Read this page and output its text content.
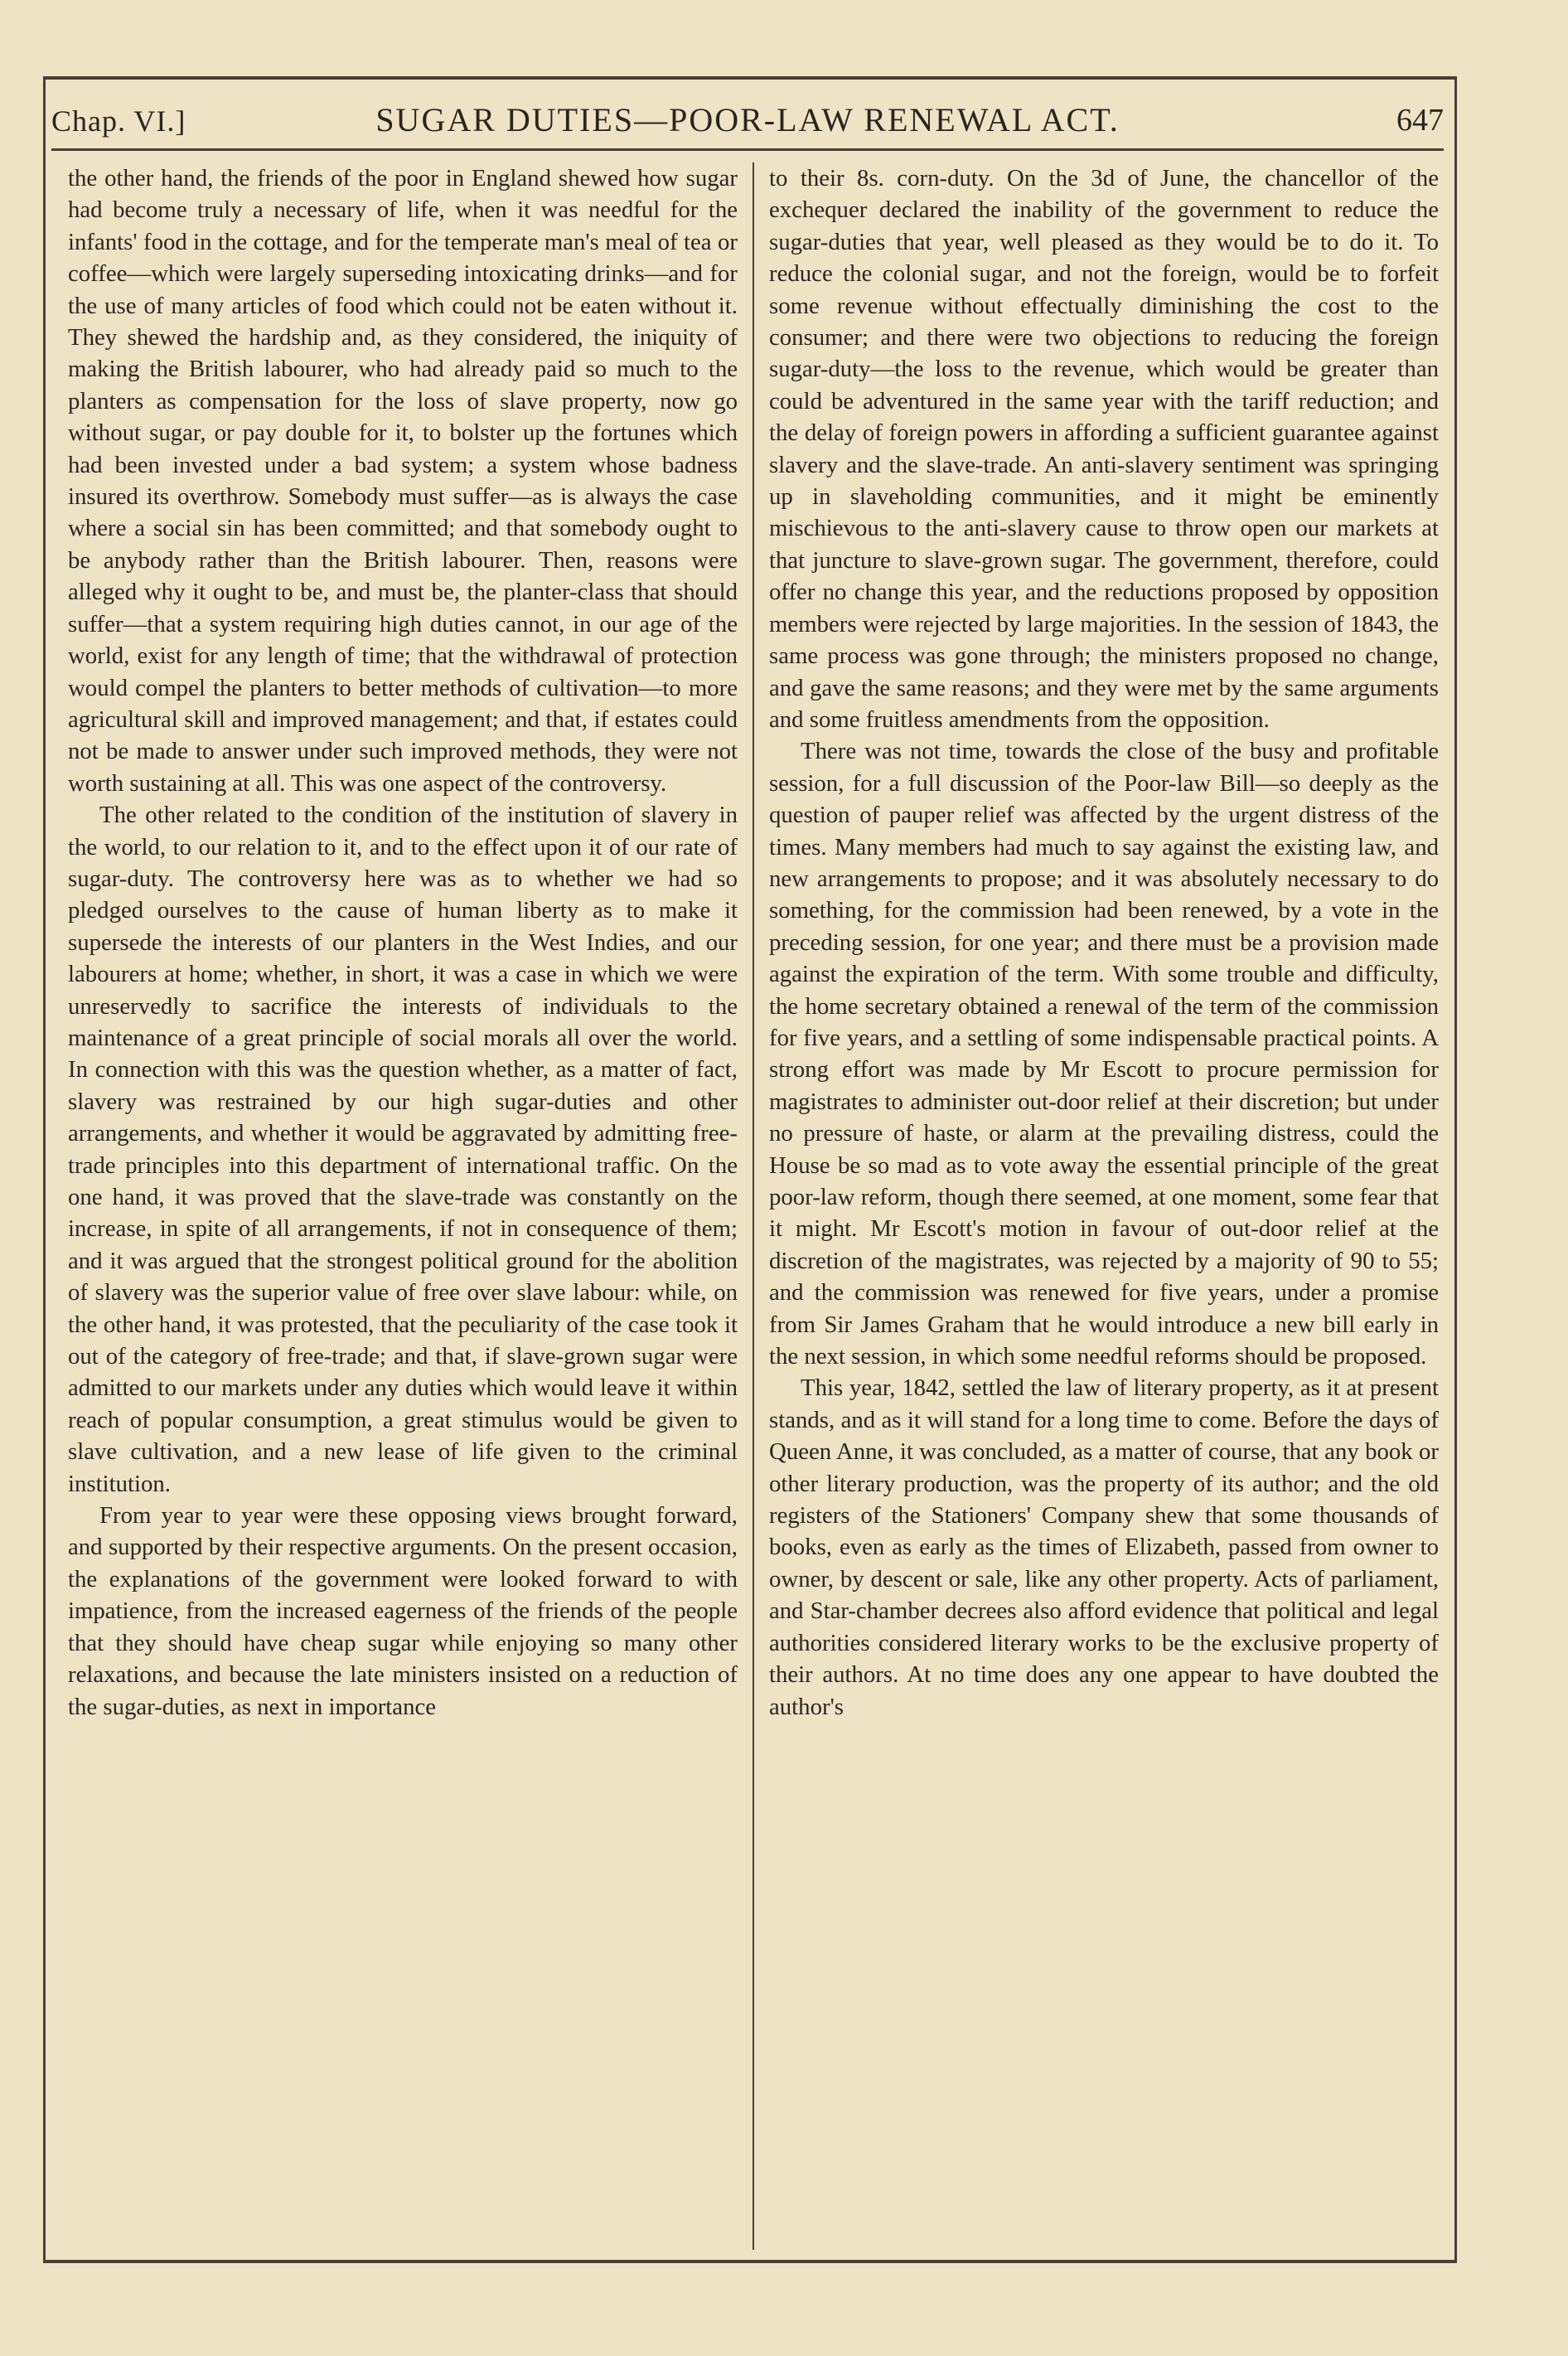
Chap. VI.]	SUGAR DUTIES—POOR-LAW RENEWAL ACT.	647

the other hand, the friends of the poor in England shewed how sugar had become truly a necessary of life, when it was needful for the infants' food in the cottage, and for the temperate man's meal of tea or coffee—which were largely superseding intoxicating drinks—and for the use of many articles of food which could not be eaten without it. They shewed the hardship and, as they considered, the iniquity of making the British labourer, who had already paid so much to the planters as compensation for the loss of slave property, now go without sugar, or pay double for it, to bolster up the fortunes which had been invested under a bad system; a system whose badness insured its overthrow. Somebody must suffer—as is always the case where a social sin has been committed; and that somebody ought to be anybody rather than the British labourer. Then, reasons were alleged why it ought to be, and must be, the planter-class that should suffer—that a system requiring high duties cannot, in our age of the world, exist for any length of time; that the withdrawal of protection would compel the planters to better methods of cultivation—to more agricultural skill and improved management; and that, if estates could not be made to answer under such improved methods, they were not worth sustaining at all. This was one aspect of the controversy.

The other related to the condition of the institution of slavery in the world, to our relation to it, and to the effect upon it of our rate of sugar-duty. The controversy here was as to whether we had so pledged ourselves to the cause of human liberty as to make it supersede the interests of our planters in the West Indies, and our labourers at home; whether, in short, it was a case in which we were unreservedly to sacrifice the interests of individuals to the maintenance of a great principle of social morals all over the world. In connection with this was the question whether, as a matter of fact, slavery was restrained by our high sugar-duties and other arrangements, and whether it would be aggravated by admitting free-trade principles into this department of international traffic. On the one hand, it was proved that the slave-trade was constantly on the increase, in spite of all arrangements, if not in consequence of them; and it was argued that the strongest political ground for the abolition of slavery was the superior value of free over slave labour: while, on the other hand, it was protested, that the peculiarity of the case took it out of the category of free-trade; and that, if slave-grown sugar were admitted to our markets under any duties which would leave it within reach of popular consumption, a great stimulus would be given to slave cultivation, and a new lease of life given to the criminal institution.

From year to year were these opposing views brought forward, and supported by their respective arguments. On the present occasion, the explanations of the government were looked forward to with impatience, from the increased eagerness of the friends of the people that they should have cheap sugar while enjoying so many other relaxations, and because the late ministers insisted on a reduction of the sugar-duties, as next in importance

to their 8s. corn-duty. On the 3d of June, the chancellor of the exchequer declared the inability of the government to reduce the sugar-duties that year, well pleased as they would be to do it. To reduce the colonial sugar, and not the foreign, would be to forfeit some revenue without effectually diminishing the cost to the consumer; and there were two objections to reducing the foreign sugar-duty—the loss to the revenue, which would be greater than could be adventured in the same year with the tariff reduction; and the delay of foreign powers in affording a sufficient guarantee against slavery and the slave-trade. An anti-slavery sentiment was springing up in slaveholding communities, and it might be eminently mischievous to the anti-slavery cause to throw open our markets at that juncture to slave-grown sugar. The government, therefore, could offer no change this year, and the reductions proposed by opposition members were rejected by large majorities. In the session of 1843, the same process was gone through; the ministers proposed no change, and gave the same reasons; and they were met by the same arguments and some fruitless amendments from the opposition.

There was not time, towards the close of the busy and profitable session, for a full discussion of the Poor-law Bill—so deeply as the question of pauper relief was affected by the urgent distress of the times. Many members had much to say against the existing law, and new arrangements to propose; and it was absolutely necessary to do something, for the commission had been renewed, by a vote in the preceding session, for one year; and there must be a provision made against the expiration of the term. With some trouble and difficulty, the home secretary obtained a renewal of the term of the commission for five years, and a settling of some indispensable practical points. A strong effort was made by Mr Escott to procure permission for magistrates to administer out-door relief at their discretion; but under no pressure of haste, or alarm at the prevailing distress, could the House be so mad as to vote away the essential principle of the great poor-law reform, though there seemed, at one moment, some fear that it might. Mr Escott's motion in favour of out-door relief at the discretion of the magistrates, was rejected by a majority of 90 to 55; and the commission was renewed for five years, under a promise from Sir James Graham that he would introduce a new bill early in the next session, in which some needful reforms should be proposed.

This year, 1842, settled the law of literary property, as it at present stands, and as it will stand for a long time to come. Before the days of Queen Anne, it was concluded, as a matter of course, that any book or other literary production, was the property of its author; and the old registers of the Stationers' Company shew that some thousands of books, even as early as the times of Elizabeth, passed from owner to owner, by descent or sale, like any other property. Acts of parliament, and Star-chamber decrees also afford evidence that political and legal authorities considered literary works to be the exclusive property of their authors. At no time does any one appear to have doubted the author's
